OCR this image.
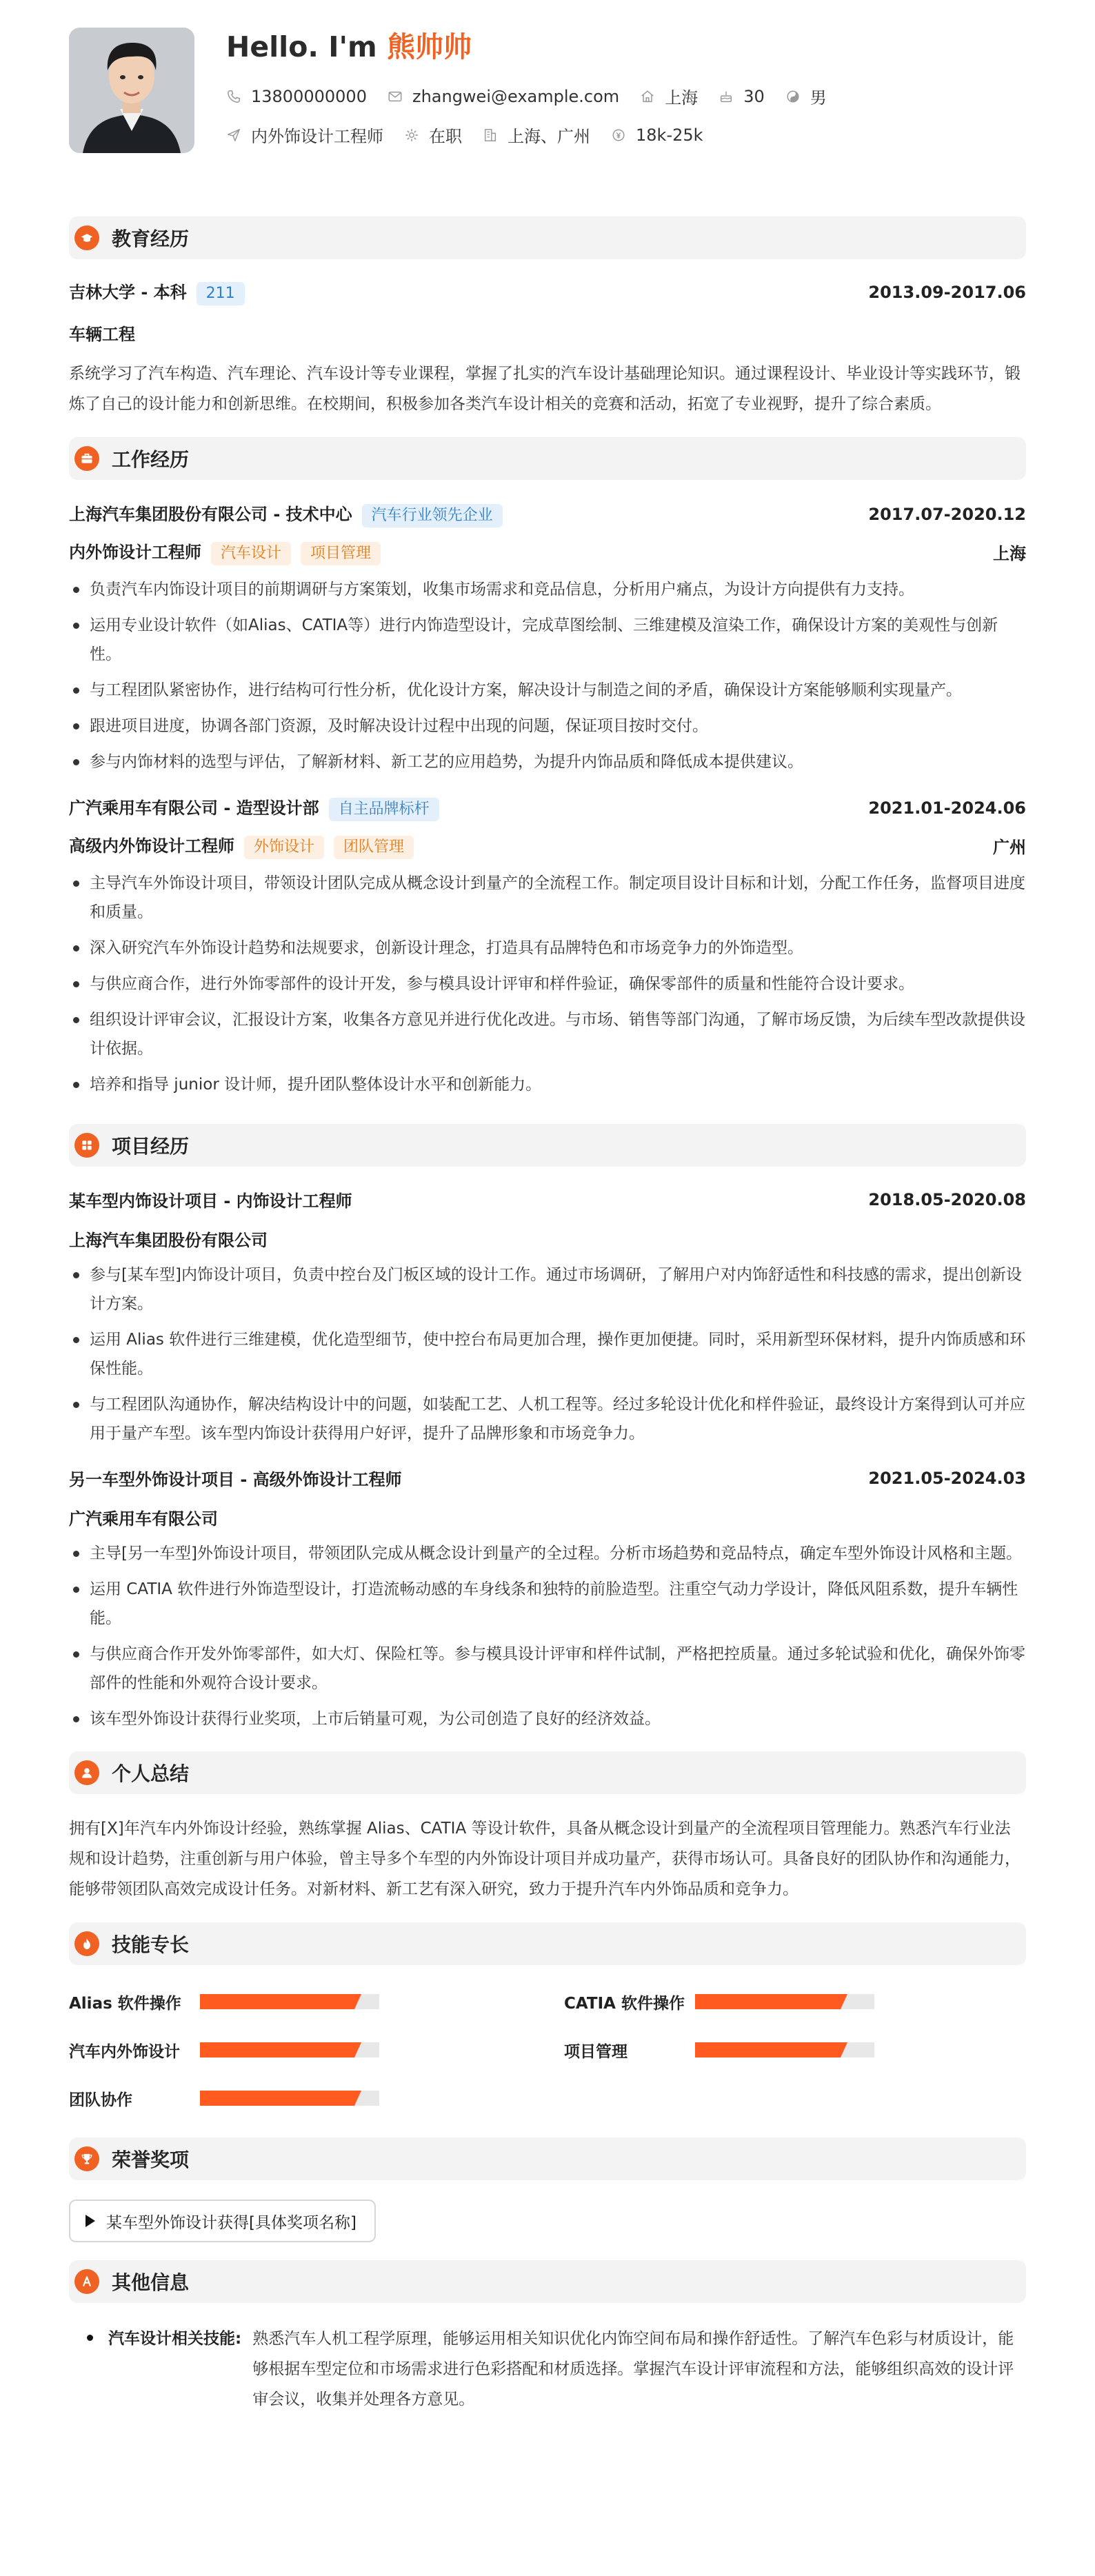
Hello. I'm 熊帅帅
13800000000	zhangwei@example.com	上海	30	男
内外饰设计工程师	在职	上海、广州	18k-25k
教育经历
吉林大学 - 本科 211	2013.09-2017.06
车辆工程
系统学习了汽车构造、汽车理论、汽车设计等专业课程，掌握了扎实的汽车设计基础理论知识。通过课程设计、毕业设计等实践环节，锻炼了自己的设计能力和创新思维。在校期间，积极参加各类汽车设计相关的竞赛和活动，拓宽了专业视野，提升了综合素质。
工作经历
上海汽车集团股份有限公司 - 技术中心 汽车行业领先企业	2017.07-2020.12
内外饰设计工程师 汽车设计 项目管理	上海
负责汽车内饰设计项目的前期调研与方案策划，收集市场需求和竞品信息，分析用户痛点，为设计方向提供有力支持。
运用专业设计软件（如Alias、CATIA等）进行内饰造型设计，完成草图绘制、三维建模及渲染工作，确保设计方案的美观性与创新性。
与工程团队紧密协作，进行结构可行性分析，优化设计方案，解决设计与制造之间的矛盾，确保设计方案能够顺利实现量产。
跟进项目进度，协调各部门资源，及时解决设计过程中出现的问题，保证项目按时交付。
参与内饰材料的选型与评估，了解新材料、新工艺的应用趋势，为提升内饰品质和降低成本提供建议。
广汽乘用车有限公司 - 造型设计部 自主品牌标杆	2021.01-2024.06
高级内外饰设计工程师 外饰设计 团队管理	广州
主导汽车外饰设计项目，带领设计团队完成从概念设计到量产的全流程工作。制定项目设计目标和计划，分配工作任务，监督项目进度和质量。
深入研究汽车外饰设计趋势和法规要求，创新设计理念，打造具有品牌特色和市场竞争力的外饰造型。
与供应商合作，进行外饰零部件的设计开发，参与模具设计评审和样件验证，确保零部件的质量和性能符合设计要求。
组织设计评审会议，汇报设计方案，收集各方意见并进行优化改进。与市场、销售等部门沟通，了解市场反馈，为后续车型改款提供设计依据。
培养和指导 junior 设计师，提升团队整体设计水平和创新能力。
项目经历
某车型内饰设计项目 - 内饰设计工程师	2018.05-2020.08
上海汽车集团股份有限公司
参与[某车型]内饰设计项目，负责中控台及门板区域的设计工作。通过市场调研，了解用户对内饰舒适性和科技感的需求，提出创新设计方案。
运用 Alias 软件进行三维建模，优化造型细节，使中控台布局更加合理，操作更加便捷。同时，采用新型环保材料，提升内饰质感和环保性能。
与工程团队沟通协作，解决结构设计中的问题，如装配工艺、人机工程等。经过多轮设计优化和样件验证，最终设计方案得到认可并应用于量产车型。该车型内饰设计获得用户好评，提升了品牌形象和市场竞争力。
另一车型外饰设计项目 - 高级外饰设计工程师	2021.05-2024.03
广汽乘用车有限公司
主导[另一车型]外饰设计项目，带领团队完成从概念设计到量产的全过程。分析市场趋势和竞品特点，确定车型外饰设计风格和主题。
运用 CATIA 软件进行外饰造型设计，打造流畅动感的车身线条和独特的前脸造型。注重空气动力学设计，降低风阻系数，提升车辆性能。
与供应商合作开发外饰零部件，如大灯、保险杠等。参与模具设计评审和样件试制，严格把控质量。通过多轮试验和优化，确保外饰零部件的性能和外观符合设计要求。
该车型外饰设计获得行业奖项，上市后销量可观，为公司创造了良好的经济效益。
个人总结
拥有[X]年汽车内外饰设计经验，熟练掌握 Alias、CATIA 等设计软件，具备从概念设计到量产的全流程项目管理能力。熟悉汽车行业法规和设计趋势，注重创新与用户体验，曾主导多个车型的内外饰设计项目并成功量产，获得市场认可。具备良好的团队协作和沟通能力，能够带领团队高效完成设计任务。对新材料、新工艺有深入研究，致力于提升汽车内外饰品质和竞争力。
技能专长
Alias 软件操作	CATIA 软件操作
汽车内外饰设计	项目管理
团队协作
荣誉奖项
某车型外饰设计获得[具体奖项名称]
其他信息
汽车设计相关技能: 熟悉汽车人机工程学原理，能够运用相关知识优化内饰空间布局和操作舒适性。了解汽车色彩与材质设计，能够根据车型定位和市场需求进行色彩搭配和材质选择。掌握汽车设计评审流程和方法，能够组织高效的设计评审会议，收集并处理各方意见。
